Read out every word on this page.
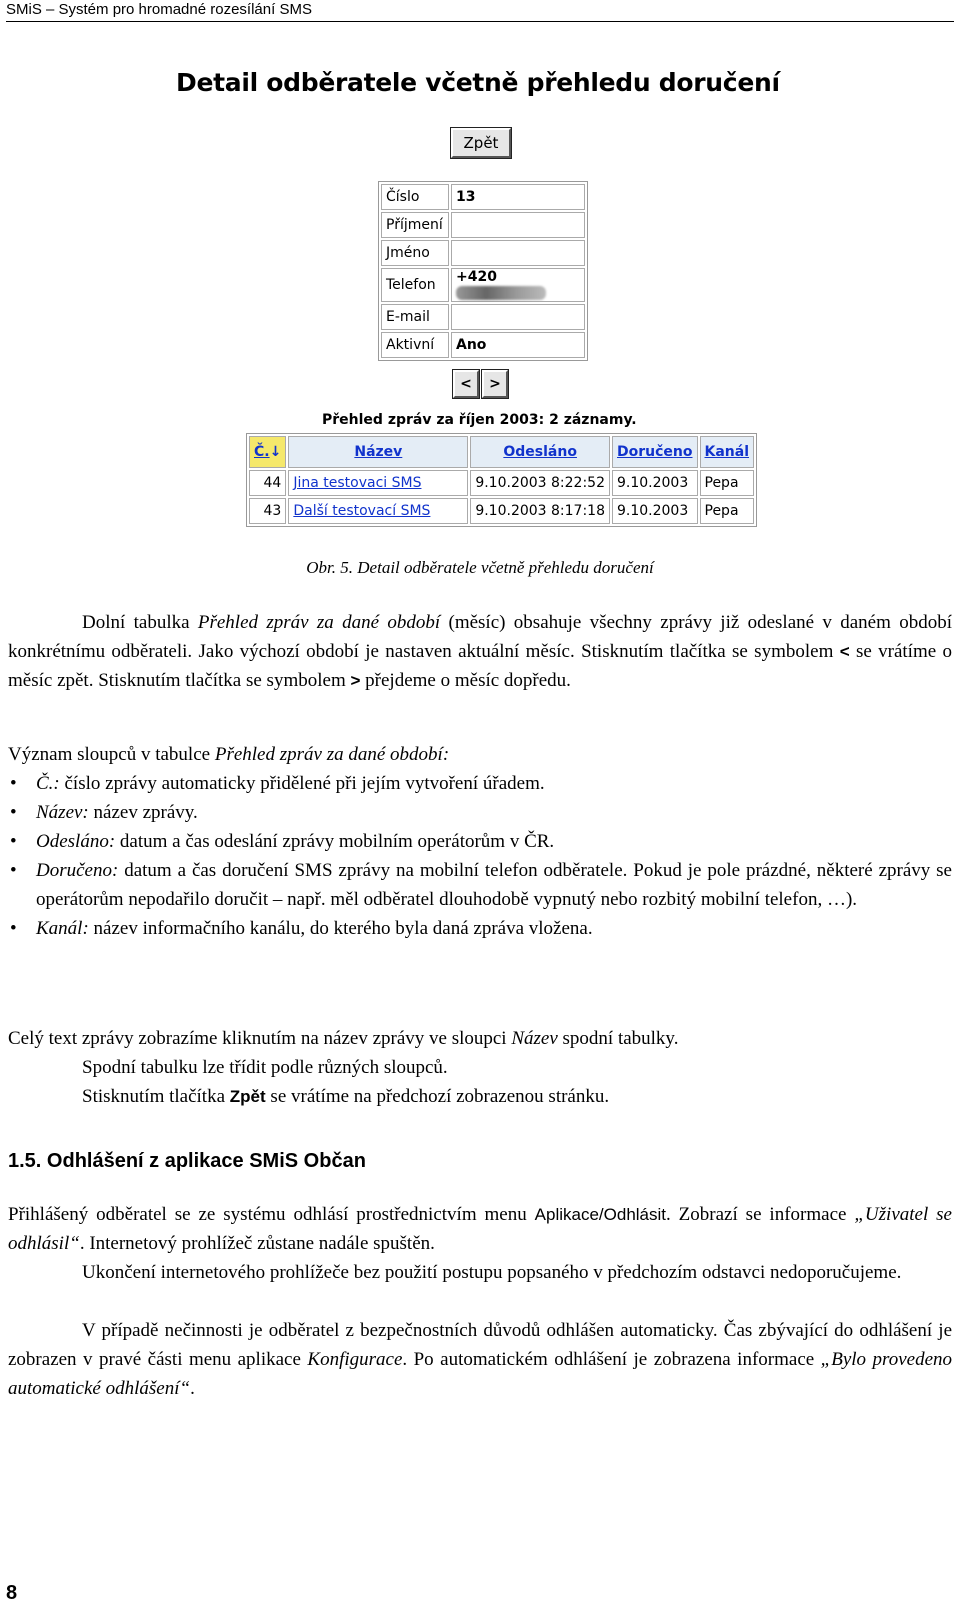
SMiS – Systém pro hromadné rozesílání SMS
Detail odběratele včetně přehledu doručení
Zpět
Číslo	13
Příjmení	
Jméno	
Telefon	+420
E-mail	
Aktivní	Ano
<	>
Přehled zpráv za říjen 2003: 2 záznamy.
Č.↓	Název	Odesláno	Doručeno	Kanál
44	Jina testovaci SMS	9.10.2003 8:22:52	9.10.2003	Pepa
43	Další testovací SMS	9.10.2003 8:17:18	9.10.2003	Pepa
Obr. 5. Detail odběratele včetně přehledu doručení
Dolní tabulka Přehled zpráv za dané období (měsíc) obsahuje všechny zprávy již odeslané v daném období konkrétnímu odběrateli. Jako výchozí období je nastaven aktuální měsíc. Stisknutím tlačítka se symbolem < se vrátíme o měsíc zpět. Stisknutím tlačítka se symbolem > přejdeme o měsíc dopředu.
Význam sloupců v tabulce Přehled zpráv za dané období:
• Č.: číslo zprávy automaticky přidělené při jejím vytvoření úřadem.
• Název: název zprávy.
• Odesláno: datum a čas odeslání zprávy mobilním operátorům v ČR.
• Doručeno: datum a čas doručení SMS zprávy na mobilní telefon odběratele. Pokud je pole prázdné, některé zprávy se operátorům nepodařilo doručit – např. měl odběratel dlouhodobě vypnutý nebo rozbitý mobilní telefon, …).
• Kanál: název informačního kanálu, do kterého byla daná zpráva vložena.
Celý text zprávy zobrazíme kliknutím na název zprávy ve sloupci Název spodní tabulky.
Spodní tabulku lze třídit podle různých sloupců.
Stisknutím tlačítka Zpět se vrátíme na předchozí zobrazenou stránku.
1.5. Odhlášení z aplikace SMiS Občan
Přihlášený odběratel se ze systému odhlásí prostřednictvím menu Aplikace/Odhlásit. Zobrazí se informace „Uživatel se odhlásil“. Internetový prohlížeč zůstane nadále spuštěn.
Ukončení internetového prohlížeče bez použití postupu popsaného v předchozím odstavci nedoporučujeme.
V případě nečinnosti je odběratel z bezpečnostních důvodů odhlášen automaticky. Čas zbývající do odhlášení je zobrazen v pravé části menu aplikace Konfigurace. Po automatickém odhlášení je zobrazena informace „Bylo provedeno automatické odhlášení“.
8
